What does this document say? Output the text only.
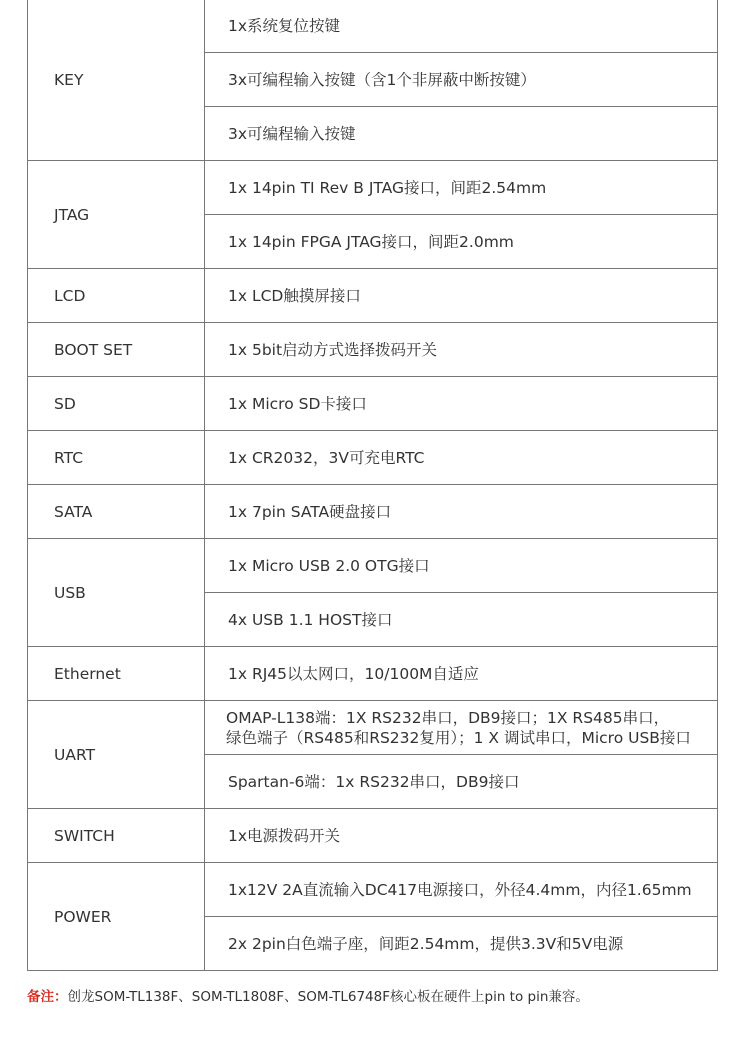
KEY	1x系统复位按键
	3x可编程输入按键（含1个非屏蔽中断按键）
	3x可编程输入按键
JTAG	1x 14pin TI Rev B JTAG接口，间距2.54mm
	1x 14pin FPGA JTAG接口，间距2.0mm
LCD	1x LCD触摸屏接口
BOOT SET	1x 5bit启动方式选择拨码开关
SD	1x Micro SD卡接口
RTC	1x CR2032，3V可充电RTC
SATA	1x 7pin SATA硬盘接口
USB	1x Micro USB 2.0 OTG接口
	4x USB 1.1 HOST接口
Ethernet	1x RJ45以太网口，10/100M自适应
UART	OMAP-L138端：1X RS232串口，DB9接口；1X RS485串口，
绿色端子（RS485和RS232复用）；1 X 调试串口，Micro USB接口

	Spartan-6端：1x RS232串口，DB9接口
SWITCH	1x电源拨码开关
POWER	1x12V 2A直流输入DC417电源接口，外径4.4mm，内径1.65mm
	2x 2pin白色端子座，间距2.54mm，提供3.3V和5V电源
备注：创龙SOM-TL138F、SOM-TL1808F、SOM-TL6748F核心板在硬件上pin to pin兼容。
